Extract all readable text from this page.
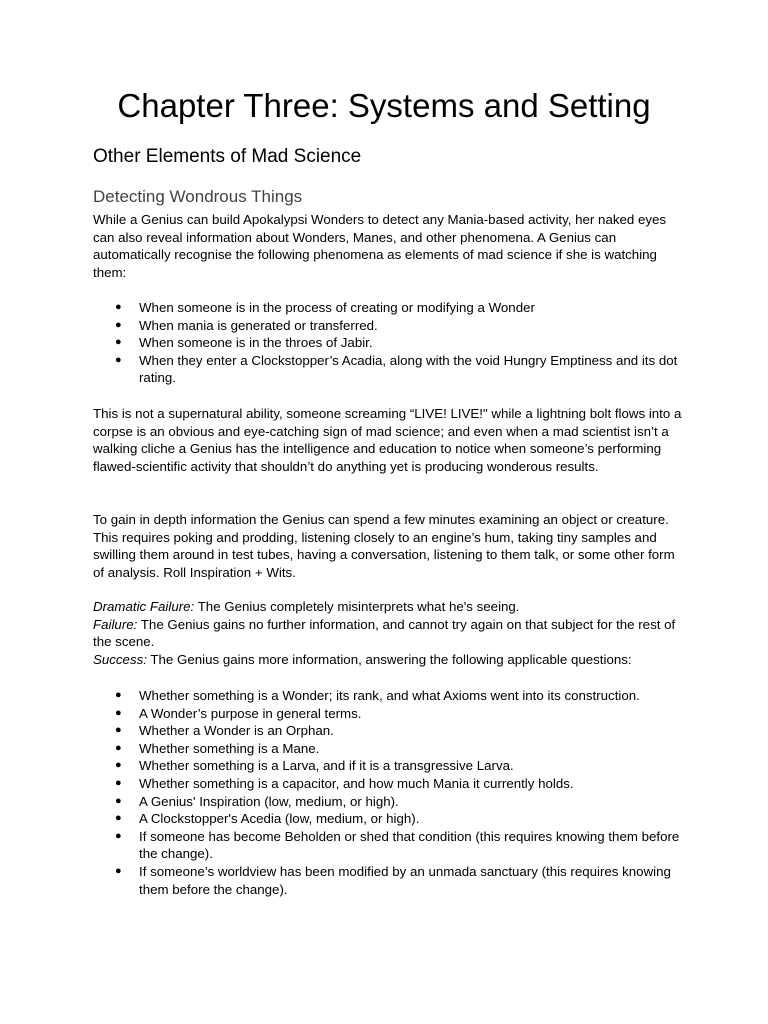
Chapter Three: Systems and Setting
Other Elements of Mad Science
Detecting Wondrous Things

While a Genius can build Apokalypsi Wonders to detect any Mania-based activity, her naked eyes can also reveal information about Wonders, Manes, and other phenomena. A Genius can automatically recognise the following phenomena as elements of mad science if she is watching them:

● When someone is in the process of creating or modifying a Wonder
● When mania is generated or transferred.
● When someone is in the throes of Jabir.
● When they enter a Clockstopper’s Acadia, along with the void Hungry Emptiness and its dot rating.

This is not a supernatural ability, someone screaming “LIVE! LIVE!" while a lightning bolt flows into a corpse is an obvious and eye-catching sign of mad science; and even when a mad scientist isn’t a walking cliche a Genius has the intelligence and education to notice when someone’s performing flawed-scientific activity that shouldn’t do anything yet is producing wonderous results.

To gain in depth information the Genius can spend a few minutes examining an object or creature. This requires poking and prodding, listening closely to an engine’s hum, taking tiny samples and swilling them around in test tubes, having a conversation, listening to them talk, or some other form of analysis. Roll Inspiration + Wits.

Dramatic Failure: The Genius completely misinterprets what he's seeing.
Failure: The Genius gains no further information, and cannot try again on that subject for the rest of the scene.
Success: The Genius gains more information, answering the following applicable questions:
● Whether something is a Wonder; its rank, and what Axioms went into its construction.
● A Wonder’s purpose in general terms.
● Whether a Wonder is an Orphan.
● Whether something is a Mane.
● Whether something is a Larva, and if it is a transgressive Larva.
● Whether something is a capacitor, and how much Mania it currently holds.
● A Genius' Inspiration (low, medium, or high).
● A Clockstopper's Acedia (low, medium, or high).
● If someone has become Beholden or shed that condition (this requires knowing them before the change).
● If someone’s worldview has been modified by an unmada sanctuary (this requires knowing them before the change).
